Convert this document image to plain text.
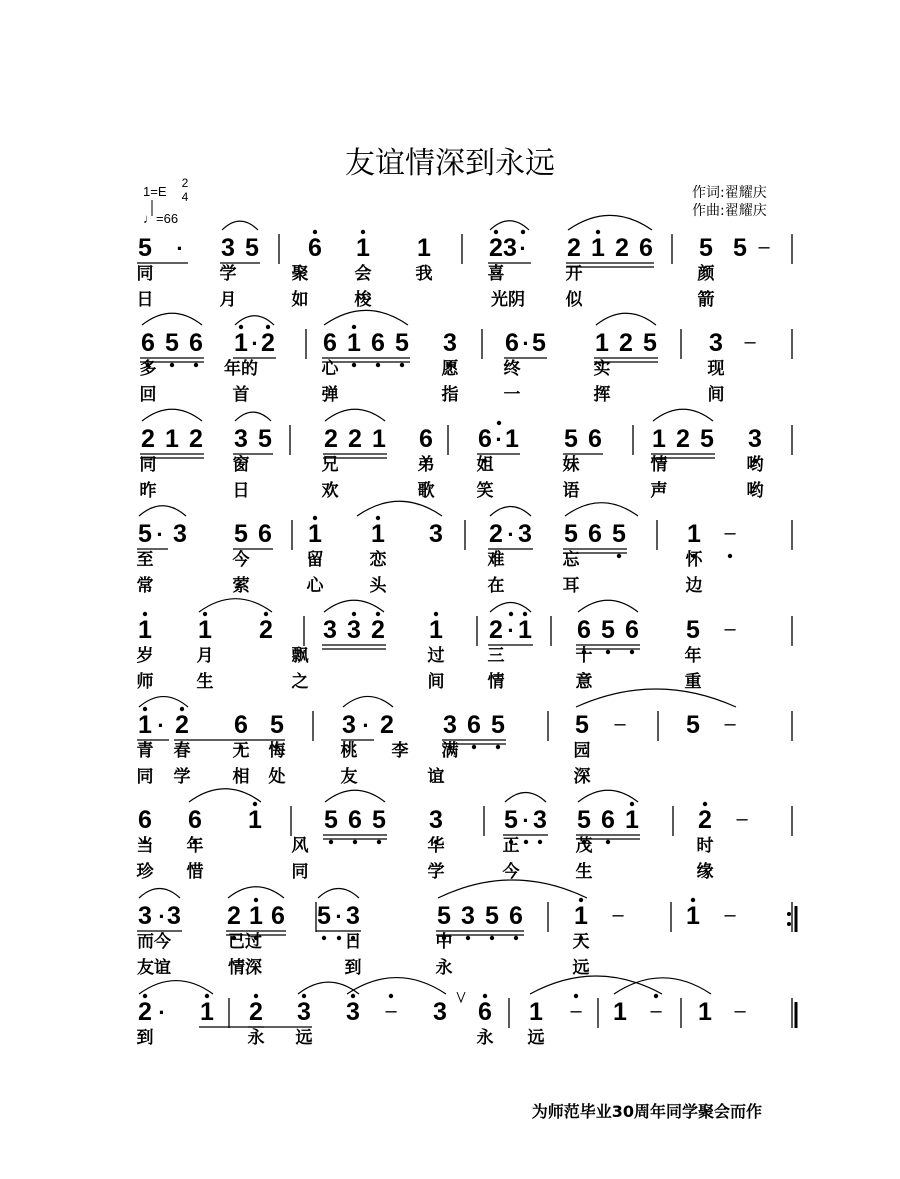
友谊情深到永远
1=E
2
4
♩=66
作词:翟耀庆
作曲:翟耀庆
5 · 3 5 6 1 1 2 3 · 2 1 2 6 5 5 –
同	学	聚	会	我	喜	开	颜
日	月	如	梭	光阴 似	箭
6 5 6 1 · 2 6 1 6 5 3 6 · 5 1 2 5 3 –
多	年的	心	愿	终	实	现
回	首	弹	指	一	挥	间
2 1 2 3 5 2 2 1 6 6 · 1 5 6 1 2 5 3
同	窗	兄	弟 姐	妹	情	哟
昨	日	欢	歌 笑	语	声	哟
5 · 3 5 6 1 1 3 2 · 3 5 6 5 1 –
至	今	留	恋	难	忘	怀
常	萦	心	头	在	耳	边
1 1 2 3 3 2 1 2 · 1 6 5 6 5 –
岁	月	飘	过	三	十	年
师	生	之	间	情	意	重
1 · 2 6 5 3 · 2 3 6 5	5 – 5 –
青 春 无 悔	桃 李 满	园
同 学 相 处	友	谊	深
6 6 1 5 6 5 3 5 · 3 5 6 1 2 –
当 年	风	华	正	茂	时
珍 惜	同	学	今	生	缘
3 · 3 2 1 6 5 · 3	5 3 5 6 1 – 1 –
而今	已过	日	中	天
友谊	情深	到	永	远
2 · 1 2 3 3 – 3 6 1 – 1 – 1 –
到	永 远	永 远
为师范毕业30周年同学聚会而作
